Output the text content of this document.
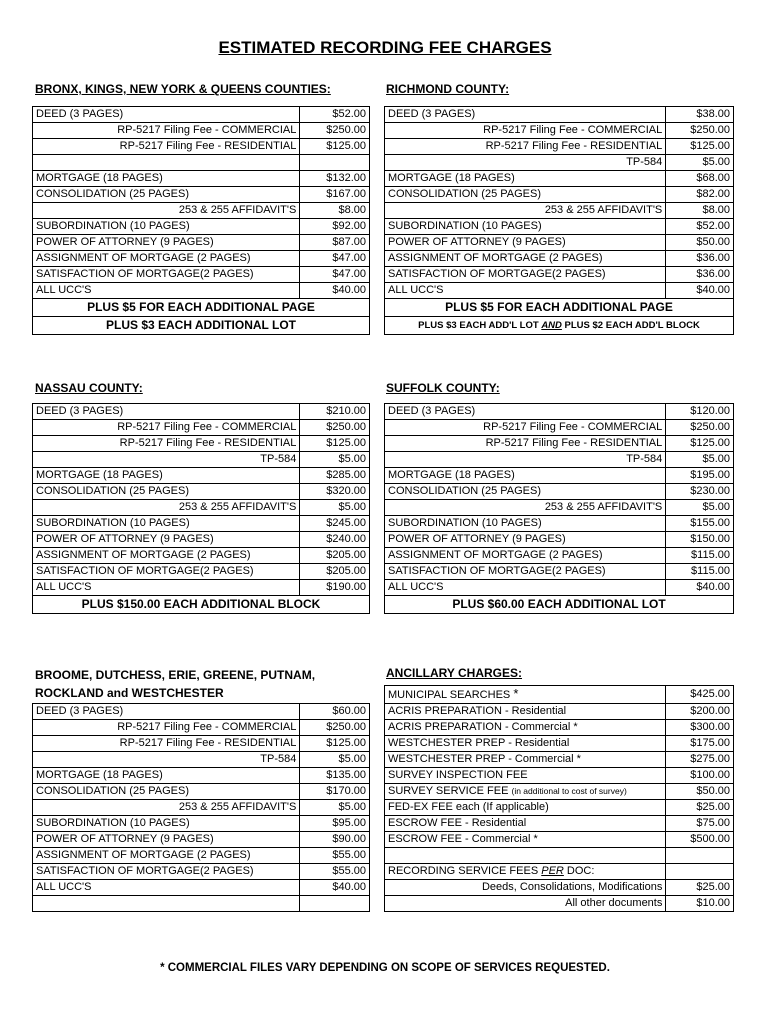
ESTIMATED RECORDING FEE CHARGES
BRONX, KINGS, NEW YORK & QUEENS COUNTIES:
DEED (3 PAGES)	$52.00
RP-5217 Filing Fee - COMMERCIAL	$250.00
RP-5217 Filing Fee - RESIDENTIAL	$125.00

MORTGAGE (18 PAGES)	$132.00
CONSOLIDATION (25 PAGES)	$167.00
253 & 255 AFFIDAVIT'S	$8.00
SUBORDINATION (10 PAGES)	$92.00
POWER OF ATTORNEY (9 PAGES)	$87.00
ASSIGNMENT OF MORTGAGE (2 PAGES)	$47.00
SATISFACTION OF MORTGAGE(2 PAGES)	$47.00
ALL UCC'S	$40.00
PLUS $5 FOR EACH ADDITIONAL PAGE	
PLUS $3 EACH ADDITIONAL LOT	
RICHMOND COUNTY:
DEED (3 PAGES)	$38.00
RP-5217 Filing Fee - COMMERCIAL	$250.00
RP-5217 Filing Fee - RESIDENTIAL	$125.00
TP-584	$5.00
MORTGAGE (18 PAGES)	$68.00
CONSOLIDATION (25 PAGES)	$82.00
253 & 255 AFFIDAVIT'S	$8.00
SUBORDINATION (10 PAGES)	$52.00
POWER OF ATTORNEY (9 PAGES)	$50.00
ASSIGNMENT OF MORTGAGE (2 PAGES)	$36.00
SATISFACTION OF MORTGAGE(2 PAGES)	$36.00
ALL UCC'S	$40.00
PLUS $5 FOR EACH ADDITIONAL PAGE	
PLUS $3 EACH ADD'L LOT AND PLUS $2 EACH ADD'L BLOCK	
NASSAU COUNTY:
DEED (3 PAGES)	$210.00
RP-5217 Filing Fee - COMMERCIAL	$250.00
RP-5217 Filing Fee - RESIDENTIAL	$125.00
TP-584	$5.00
MORTGAGE (18 PAGES)	$285.00
CONSOLIDATION (25 PAGES)	$320.00
253 & 255 AFFIDAVIT'S	$5.00
SUBORDINATION (10 PAGES)	$245.00
POWER OF ATTORNEY (9 PAGES)	$240.00
ASSIGNMENT OF MORTGAGE (2 PAGES)	$205.00
SATISFACTION OF MORTGAGE(2 PAGES)	$205.00
ALL UCC'S	$190.00
PLUS $150.00 EACH ADDITIONAL BLOCK	
SUFFOLK COUNTY:
DEED (3 PAGES)	$120.00
RP-5217 Filing Fee - COMMERCIAL	$250.00
RP-5217 Filing Fee - RESIDENTIAL	$125.00
TP-584	$5.00
MORTGAGE (18 PAGES)	$195.00
CONSOLIDATION (25 PAGES)	$230.00
253 & 255 AFFIDAVIT'S	$5.00
SUBORDINATION (10 PAGES)	$155.00
POWER OF ATTORNEY (9 PAGES)	$150.00
ASSIGNMENT OF MORTGAGE (2 PAGES)	$115.00
SATISFACTION OF MORTGAGE(2 PAGES)	$115.00
ALL UCC'S	$40.00
PLUS $60.00 EACH ADDITIONAL LOT	
BROOME, DUTCHESS, ERIE, GREENE, PUTNAM,
ROCKLAND and WESTCHESTER
DEED (3 PAGES)	$60.00
RP-5217 Filing Fee - COMMERCIAL	$250.00
RP-5217 Filing Fee - RESIDENTIAL	$125.00
TP-584	$5.00
MORTGAGE (18 PAGES)	$135.00
CONSOLIDATION (25 PAGES)	$170.00
253 & 255 AFFIDAVIT'S	$5.00
SUBORDINATION (10 PAGES)	$95.00
POWER OF ATTORNEY (9 PAGES)	$90.00
ASSIGNMENT OF MORTGAGE (2 PAGES)	$55.00
SATISFACTION OF MORTGAGE(2 PAGES)	$55.00
ALL UCC'S	$40.00

ANCILLARY CHARGES:
MUNICIPAL SEARCHES *	$425.00
ACRIS PREPARATION - Residential	$200.00
ACRIS PREPARATION - Commercial *	$300.00
WESTCHESTER PREP - Residential	$175.00
WESTCHESTER PREP - Commercial *	$275.00
SURVEY INSPECTION FEE	$100.00
SURVEY SERVICE FEE (in additional to cost of survey)	$50.00
FED-EX FEE each (If applicable)	$25.00
ESCROW FEE - Residential	$75.00
ESCROW FEE - Commercial *	$500.00

RECORDING SERVICE FEES PER DOC:	
Deeds, Consolidations, Modifications	$25.00
All other documents	$10.00
* COMMERCIAL FILES VARY DEPENDING ON SCOPE OF SERVICES REQUESTED.
